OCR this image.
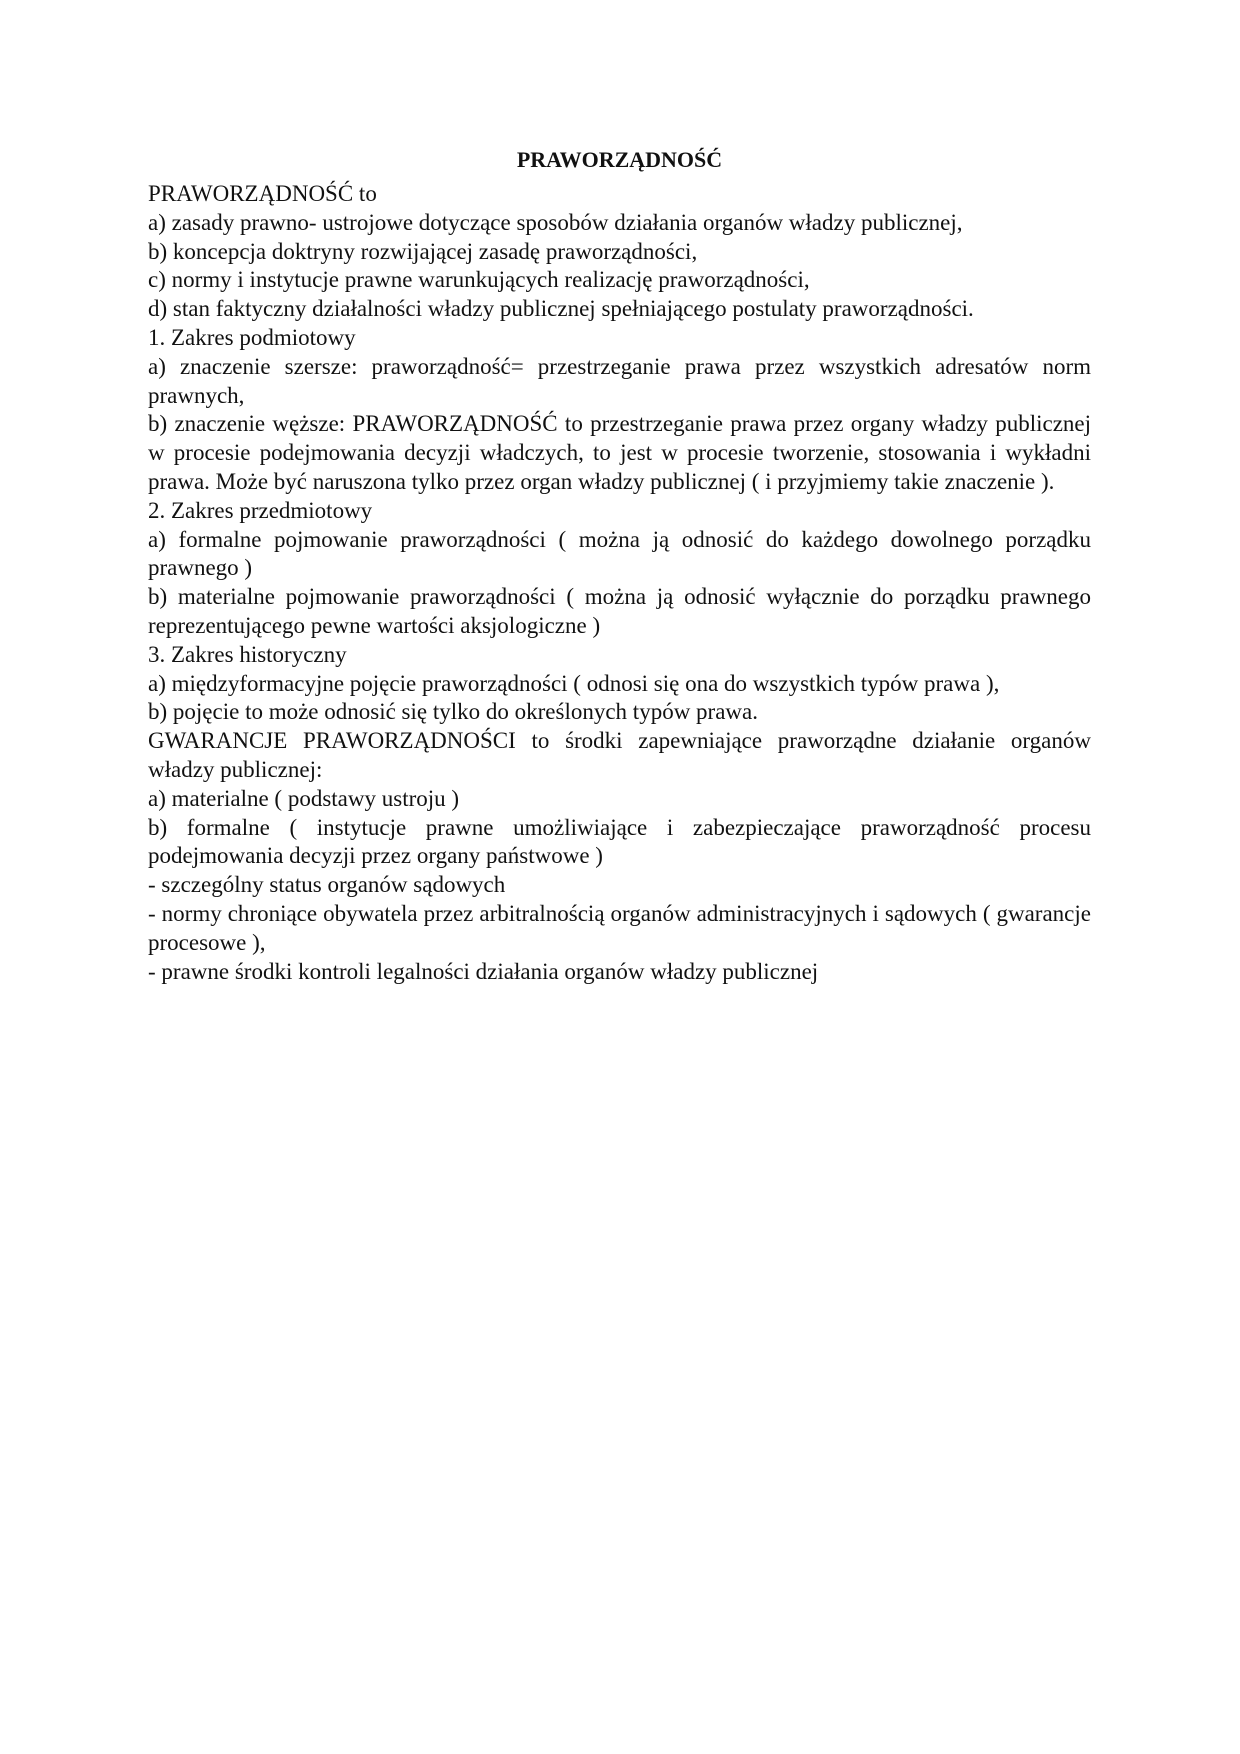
PRAWORZĄDNOŚĆ

PRAWORZĄDNOŚĆ to

a) zasady prawno- ustrojowe dotyczące sposobów działania organów władzy publicznej,

b) koncepcja doktryny rozwijającej zasadę praworządności,

c) normy i instytucje prawne warunkujących realizację praworządności,

d) stan faktyczny działalności władzy publicznej spełniającego postulaty praworządności.

1. Zakres podmiotowy

a) znaczenie szersze: praworządność= przestrzeganie prawa przez wszystkich adresatów norm prawnych,

b) znaczenie węższe: PRAWORZĄDNOŚĆ to przestrzeganie prawa przez organy władzy publicznej w procesie podejmowania decyzji władczych, to jest w procesie tworzenie, stosowania i wykładni prawa. Może być naruszona tylko przez organ władzy publicznej ( i przyjmiemy takie znaczenie ).

2. Zakres przedmiotowy

a) formalne pojmowanie praworządności ( można ją odnosić do każdego dowolnego porządku prawnego )

b) materialne pojmowanie praworządności ( można ją odnosić wyłącznie do porządku prawnego reprezentującego pewne wartości aksjologiczne )

3. Zakres historyczny

a) międzyformacyjne pojęcie praworządności ( odnosi się ona do wszystkich typów prawa ),

b) pojęcie to może odnosić się tylko do określonych typów prawa.

GWARANCJE PRAWORZĄDNOŚCI to środki zapewniające praworządne działanie organów władzy publicznej:

a) materialne ( podstawy ustroju )

b) formalne ( instytucje prawne umożliwiające i zabezpieczające praworządność procesu podejmowania decyzji przez organy państwowe )

- szczególny status organów sądowych

- normy chroniące obywatela przez arbitralnością organów administracyjnych i sądowych ( gwarancje procesowe ),

- prawne środki kontroli legalności działania organów władzy publicznej
